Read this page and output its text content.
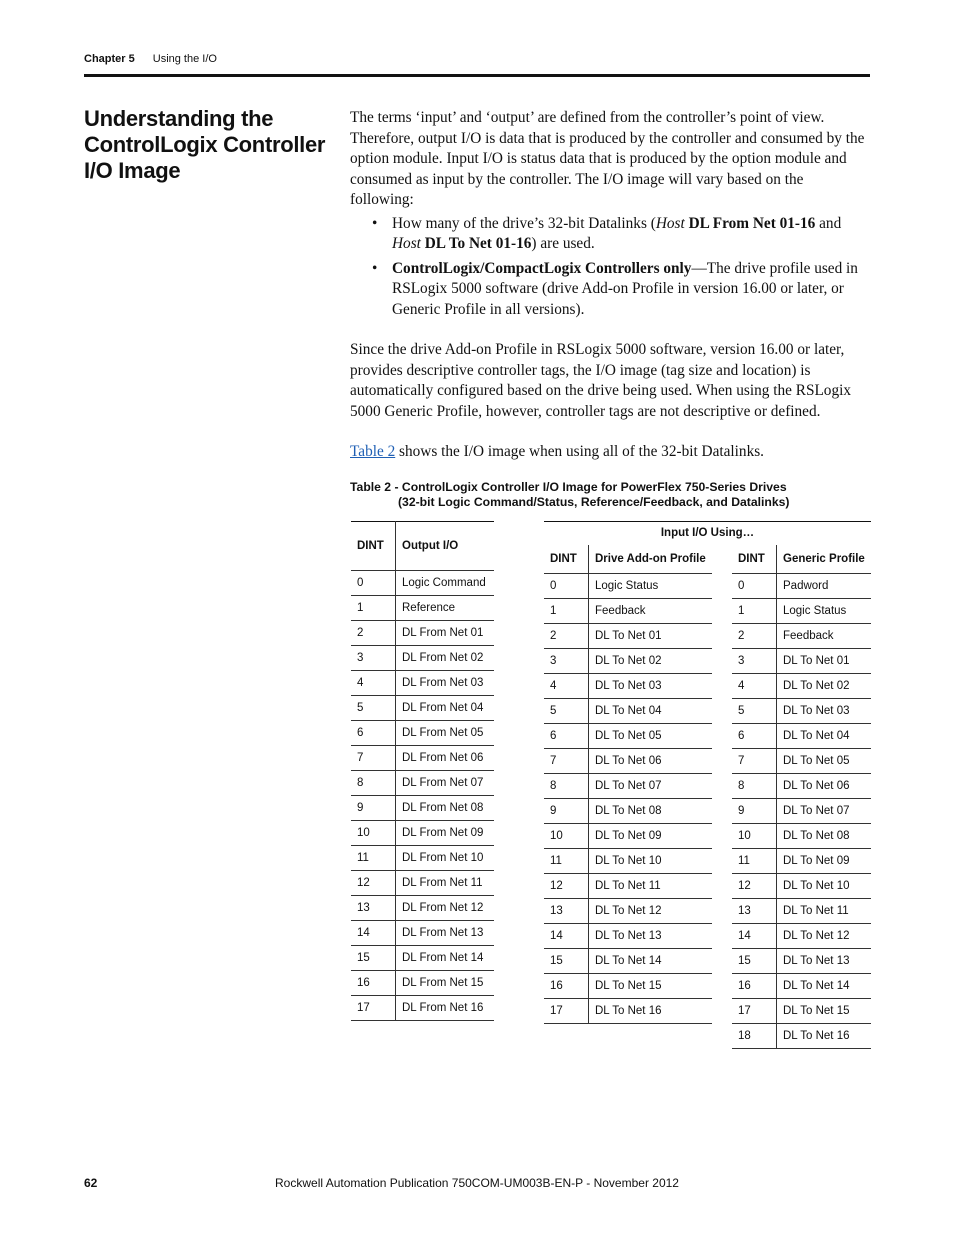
Chapter 5 Using the I/O
Understanding the ControlLogix Controller I/O Image

The terms ‘input’ and ‘output’ are defined from the controller’s point of view. Therefore, output I/O is data that is produced by the controller and consumed by the option module. Input I/O is status data that is produced by the option module and consumed as input by the controller. The I/O image will vary based on the following:

• How many of the drive’s 32-bit Datalinks (Host DL From Net 01-16 and Host DL To Net 01-16) are used.
• ControlLogix/CompactLogix Controllers only—The drive profile used in RSLogix 5000 software (drive Add-on Profile in version 16.00 or later, or Generic Profile in all versions).

Since the drive Add-on Profile in RSLogix 5000 software, version 16.00 or later, provides descriptive controller tags, the I/O image (tag size and location) is automatically configured based on the drive being used. When using the RSLogix 5000 Generic Profile, however, controller tags are not descriptive or defined.

Table 2 shows the I/O image when using all of the 32-bit Datalinks.

Table 2 - ControlLogix Controller I/O Image for PowerFlex 750-Series Drives
(32-bit Logic Command/Status, Reference/Feedback, and Datalinks)
DINT	Output I/O
0	Logic Command
1	Reference
2	DL From Net 01
3	DL From Net 02
4	DL From Net 03
5	DL From Net 04
6	DL From Net 05
7	DL From Net 06
8	DL From Net 07
9	DL From Net 08
10	DL From Net 09
11	DL From Net 10
12	DL From Net 11
13	DL From Net 12
14	DL From Net 13
15	DL From Net 14
16	DL From Net 15
17	DL From Net 16
Input I/O Using…
DINT	Drive Add-on Profile
0	Logic Status
1	Feedback
2	DL To Net 01
3	DL To Net 02
4	DL To Net 03
5	DL To Net 04
6	DL To Net 05
7	DL To Net 06
8	DL To Net 07
9	DL To Net 08
10	DL To Net 09
11	DL To Net 10
12	DL To Net 11
13	DL To Net 12
14	DL To Net 13
15	DL To Net 14
16	DL To Net 15
17	DL To Net 16
DINT	Generic Profile
0	Padword
1	Logic Status
2	Feedback
3	DL To Net 01
4	DL To Net 02
5	DL To Net 03
6	DL To Net 04
7	DL To Net 05
8	DL To Net 06
9	DL To Net 07
10	DL To Net 08
11	DL To Net 09
12	DL To Net 10
13	DL To Net 11
14	DL To Net 12
15	DL To Net 13
16	DL To Net 14
17	DL To Net 15
18	DL To Net 16
62	Rockwell Automation Publication 750COM-UM003B-EN-P - November 2012
